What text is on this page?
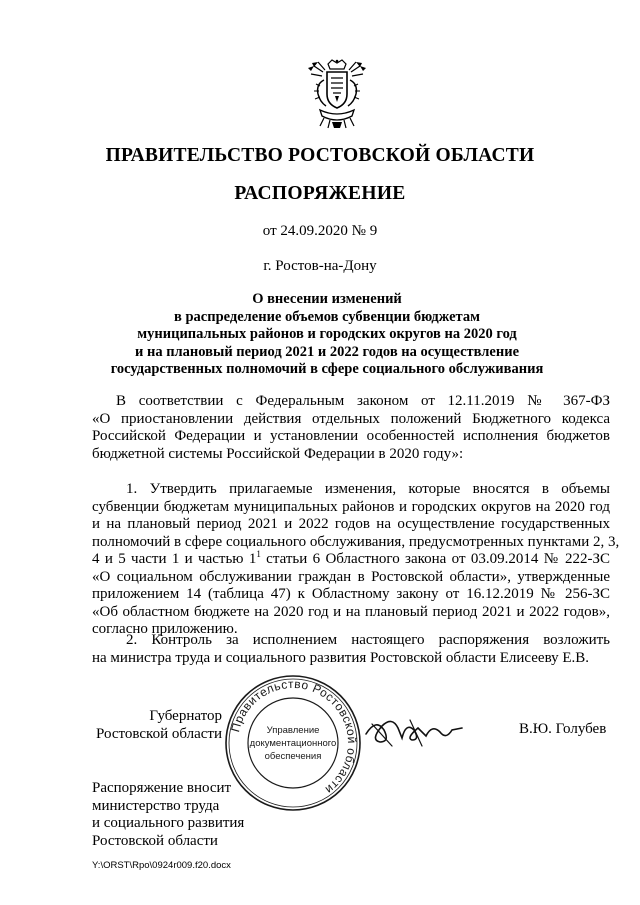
ПРАВИТЕЛЬСТВО РОСТОВСКОЙ ОБЛАСТИ
РАСПОРЯЖЕНИЕ
от 24.09.2020 № 9
г. Ростов-на-Дону
О внесении изменений
в распределение объемов субвенции бюджетам
муниципальных районов и городских округов на 2020 год
и на плановый период 2021 и 2022 годов на осуществление
государственных полномочий в сфере социального обслуживания
В соответствии с Федеральным законом от 12.11.2019 № 367-ФЗ
«О приостановлении действия отдельных положений Бюджетного кодекса
Российской Федерации и установлении особенностей исполнения бюджетов
бюджетной системы Российской Федерации в 2020 году»:
1. Утвердить прилагаемые изменения, которые вносятся в объемы
субвенции бюджетам муниципальных районов и городских округов на 2020 год
и на плановый период 2021 и 2022 годов на осуществление государственных
полномочий в сфере социального обслуживания, предусмотренных пунктами 2, 3,
4 и 5 части 1 и частью $1^1$ статьи 6 Областного закона от 03.09.2014 № 222-ЗС
«О социальном обслуживании граждан в Ростовской области», утвержденные
приложением 14 (таблица 47) к Областному закону от 16.12.2019 № 256-ЗС
«Об областном бюджете на 2020 год и на плановый период 2021 и 2022 годов»,
согласно приложению.
2. Контроль за исполнением настоящего распоряжения возложить
на министра труда и социального развития Ростовской области Елисееву Е.В.
Губернатор
Ростовской области Правительство Ростовской области
Управление
документационного
обеспечения
В.Ю. Голубев
Распоряжение вносит
министерство труда
и социального развития
Ростовской области
Y:\ORST\Rpo\0924r009.f20.docx
